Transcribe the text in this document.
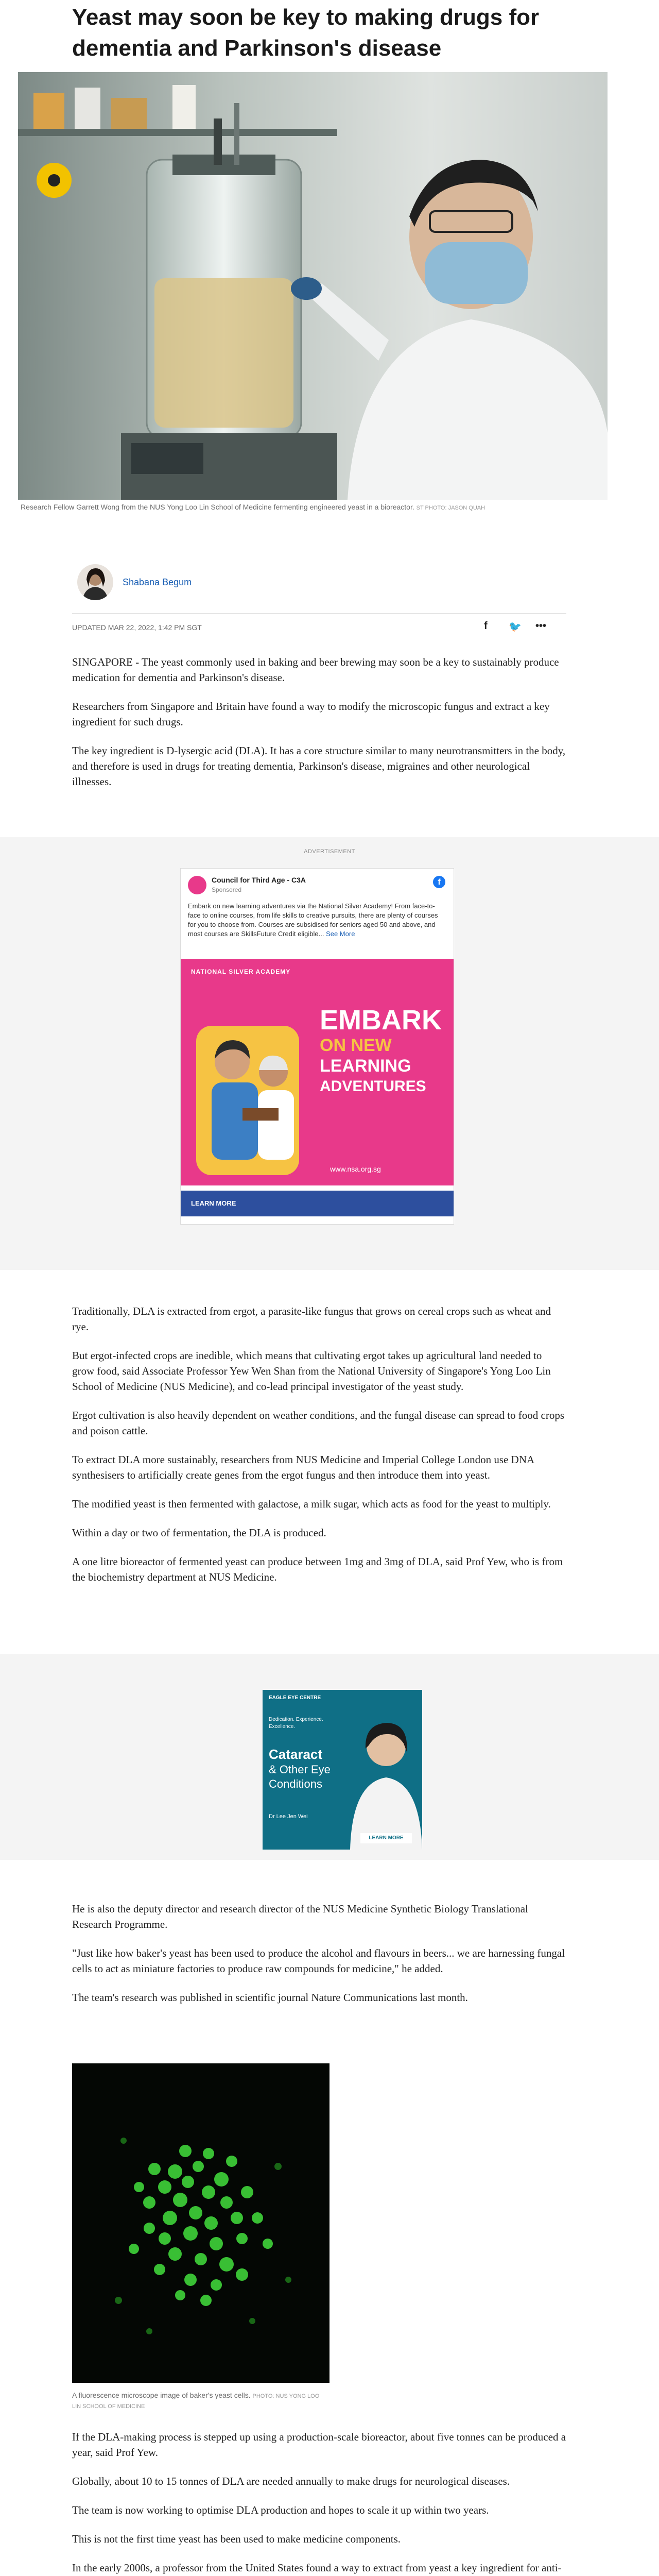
Yeast may soon be key to making drugs for dementia and Parkinson's disease
Research Fellow Garrett Wong from the NUS Yong Loo Lin School of Medicine fermenting engineered yeast in a bioreactor. ST PHOTO: JASON QUAH
Shabana Begum
UPDATED MAR 22, 2022, 1:42 PM SGT	f 🐦 •••

SINGAPORE - The yeast commonly used in baking and beer brewing may soon be a key to sustainably produce medication for dementia and Parkinson's disease.

Researchers from Singapore and Britain have found a way to modify the microscopic fungus and extract a key ingredient for such drugs.

The key ingredient is D-lysergic acid (DLA). It has a core structure similar to many neurotransmitters in the body, and therefore is used in drugs for treating dementia, Parkinson's disease, migraines and other neurological illnesses.

ADVERTISEMENT
Council for Third Age - C3A
Sponsored
f
Embark on new learning adventures via the National Silver Academy! From face-to-face to online courses, from life skills to creative pursuits, there are plenty of courses for you to choose from. Courses are subsidised for seniors aged 50 and above, and most courses are SkillsFuture Credit eligible... See More
NATIONAL SILVER ACADEMY
EMBARK
ON NEW
LEARNING
ADVENTURES
www.nsa.org.sg
LEARN MORE

Traditionally, DLA is extracted from ergot, a parasite-like fungus that grows on cereal crops such as wheat and rye.

But ergot-infected crops are inedible, which means that cultivating ergot takes up agricultural land needed to grow food, said Associate Professor Yew Wen Shan from the National University of Singapore's Yong Loo Lin School of Medicine (NUS Medicine), and co-lead principal investigator of the yeast study.

Ergot cultivation is also heavily dependent on weather conditions, and the fungal disease can spread to food crops and poison cattle.

To extract DLA more sustainably, researchers from NUS Medicine and Imperial College London use DNA synthesisers to artificially create genes from the ergot fungus and then introduce them into yeast.

The modified yeast is then fermented with galactose, a milk sugar, which acts as food for the yeast to multiply.

Within a day or two of fermentation, the DLA is produced.

A one litre bioreactor of fermented yeast can produce between 1mg and 3mg of DLA, said Prof Yew, who is from the biochemistry department at NUS Medicine.

EAGLE EYE CENTRE
Dedication. Experience.
Excellence.
Cataract
& Other Eye
Conditions
Dr Lee Jen Wei
LEARN MORE

He is also the deputy director and research director of the NUS Medicine Synthetic Biology Translational Research Programme.

"Just like how baker's yeast has been used to produce the alcohol and flavours in beers... we are harnessing fungal cells to act as miniature factories to produce raw compounds for medicine," he added.

The team's research was published in scientific journal Nature Communications last month.

A fluorescence microscope image of baker's yeast cells. PHOTO: NUS YONG LOO LIN SCHOOL OF MEDICINE

If the DLA-making process is stepped up using a production-scale bioreactor, about five tonnes can be produced a year, said Prof Yew.

Globally, about 10 to 15 tonnes of DLA are needed annually to make drugs for neurological diseases.

The team is now working to optimise DLA production and hopes to scale it up within two years.

This is not the first time yeast has been used to make medicine components.

In the early 2000s, a professor from the United States found a way to extract from yeast a key ingredient for anti-
